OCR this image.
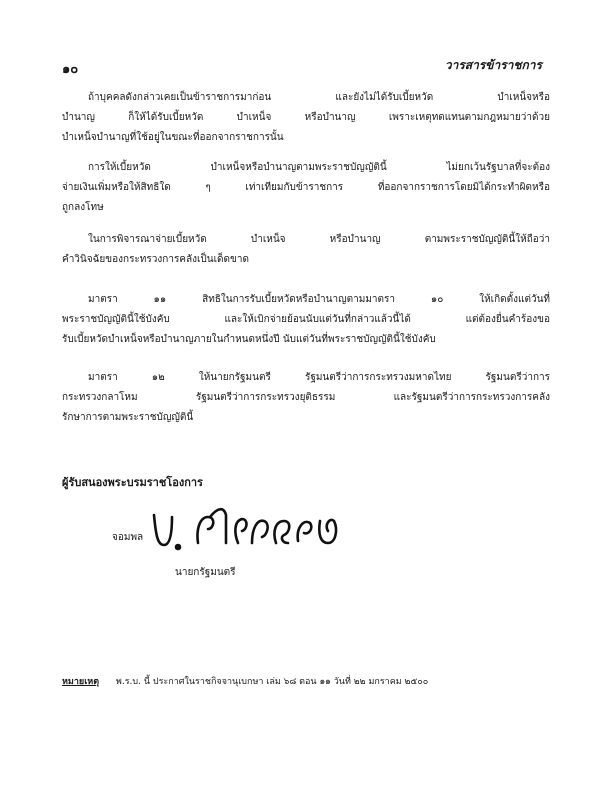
๑๐	วารสารข้าราชการ
ถ้าบุคคลดังกล่าวเคยเป็นข้าราชการมาก่อน และยังไม่ได้รับเบี้ยหวัด บำเหน็จหรือ
บำนาญ ก็ให้ได้รับเบี้ยหวัด บำเหน็จ หรือบำนาญ เพราะเหตุทดแทนตามกฎหมายว่าด้วย
บำเหน็จบำนาญที่ใช้อยู่ในขณะที่ออกจากราชการนั้น
การให้เบี้ยหวัด บำเหน็จหรือบำนาญตามพระราชบัญญัตินี้ ไม่ยกเว้นรัฐบาลที่จะต้อง
จ่ายเงินเพิ่มหรือให้สิทธิใด ๆ เท่าเทียมกับข้าราชการ ที่ออกจากราชการโดยมิได้กระทำผิดหรือ
ถูกลงโทษ
ในการพิจารณาจ่ายเบี้ยหวัด บำเหน็จ หรือบำนาญ ตามพระราชบัญญัตินี้ให้ถือว่า
คำวินิจฉัยของกระทรวงการคลังเป็นเด็ดขาด
มาตรา ๑๑ สิทธิในการรับเบี้ยหวัดหรือบำนาญตามมาตรา ๑๐ ให้เกิดตั้งแต่วันที่
พระราชบัญญัตินี้ใช้บังคับ และให้เบิกจ่ายย้อนนับแต่วันที่กล่าวแล้วนี้ได้ แต่ต้องยื่นคำร้องขอ
รับเบี้ยหวัดบำเหน็จหรือบำนาญภายในกำหนดหนึ่งปี นับแต่วันที่พระราชบัญญัตินี้ใช้บังคับ
มาตรา ๑๒ ให้นายกรัฐมนตรี รัฐมนตรีว่าการกระทรวงมหาดไทย รัฐมนตรีว่าการ
กระทรวงกลาโหม รัฐมนตรีว่าการกระทรวงยุติธรรม และรัฐมนตรีว่าการกระทรวงการคลัง
รักษาการตามพระราชบัญญัตินี้
ผู้รับสนองพระบรมราชโองการ
จอมพล
นายกรัฐมนตรี
หมายเหตุ พ.ร.บ. นี้ ประกาศในราชกิจจานุเบกษา เล่ม ๖๘ ตอน ๑๑ วันที่ ๒๒ มกราคม ๒๕๐๐
